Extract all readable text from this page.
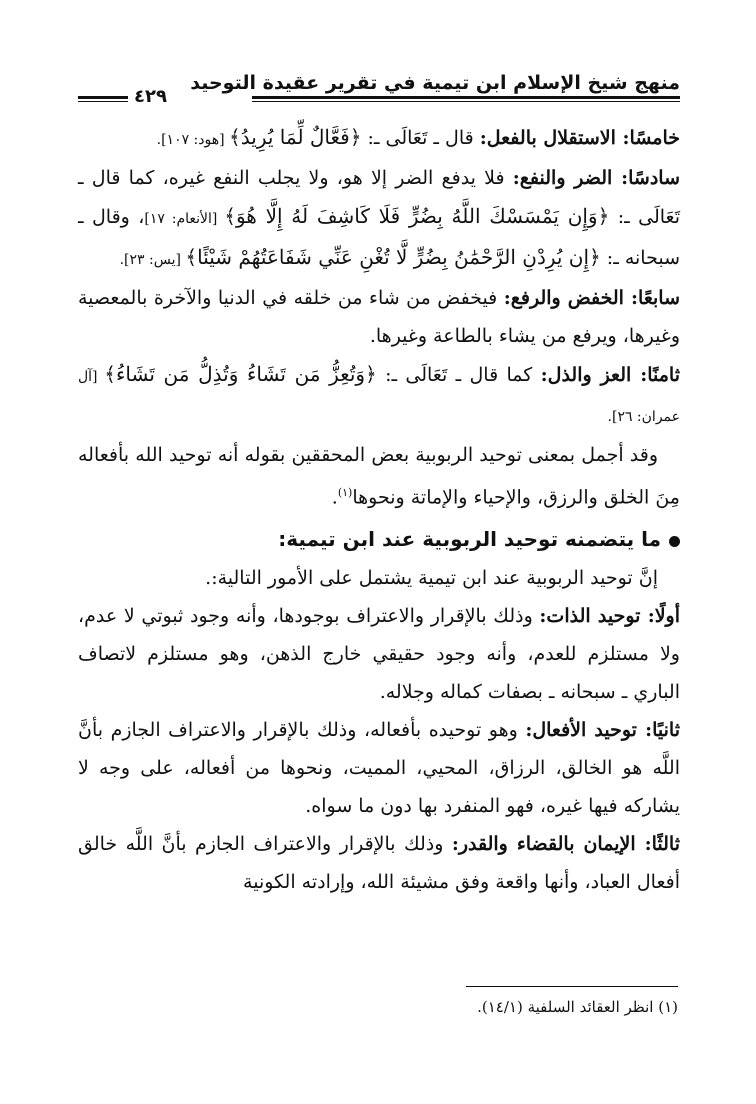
منهج شيخ الإسلام ابن تيمية في تقرير عقيدة التوحيد
٤٢٩

خامسًا: الاستقلال بالفعل: قال ـ تَعَالَى ـ: ﴿فَعَّالٌ لِّمَا يُرِيدُ﴾ [هود: ١٠٧].

سادسًا: الضر والنفع: فلا يدفع الضر إلا هو، ولا يجلب النفع غيره، كما قال ـ تَعَالَى ـ: ﴿وَإِن يَمْسَسْكَ اللَّهُ بِضُرٍّ فَلَا كَاشِفَ لَهُ إِلَّا هُوَ﴾ [الأنعام: ١٧]، وقال ـ سبحانه ـ: ﴿إِن يُرِدْنِ الرَّحْمَٰنُ بِضُرٍّ لَّا تُغْنِ عَنِّي شَفَاعَتُهُمْ شَيْئًا﴾ [يس: ٢٣].

سابعًا: الخفض والرفع: فيخفض من شاء من خلقه في الدنيا والآخرة بالمعصية وغيرها، ويرفع من يشاء بالطاعة وغيرها.

ثامنًا: العز والذل: كما قال ـ تَعَالَى ـ: ﴿وَتُعِزُّ مَن تَشَاءُ وَتُذِلُّ مَن تَشَاءُ﴾ [آل عمران: ٢٦].

وقد أجمل بمعنى توحيد الربوبية بعض المحققين بقوله أنه توحيد الله بأفعاله مِنَ الخلق والرزق، والإحياء والإماتة ونحوها$^{(١)}$.

ما يتضمنه توحيد الربوبية عند ابن تيمية:

إنَّ توحيد الربوبية عند ابن تيمية يشتمل على الأمور التالية:.

أولًا: توحيد الذات: وذلك بالإقرار والاعتراف بوجودها، وأنه وجود ثبوتي لا عدم، ولا مستلزم للعدم، وأنه وجود حقيقي خارج الذهن، وهو مستلزم لاتصاف الباري ـ سبحانه ـ بصفات كماله وجلاله.

ثانيًا: توحيد الأفعال: وهو توحيده بأفعاله، وذلك بالإقرار والاعتراف الجازم بأنَّ اللَّه هو الخالق، الرزاق، المحيي، المميت، ونحوها من أفعاله، على وجه لا يشاركه فيها غيره، فهو المنفرد بها دون ما سواه.

ثالثًا: الإيمان بالقضاء والقدر: وذلك بالإقرار والاعتراف الجازم بأنَّ اللَّه خالق أفعال العباد، وأنها واقعة وفق مشيئة الله، وإرادته الكونية

(١) انظر العقائد السلفية (١٤/١).
